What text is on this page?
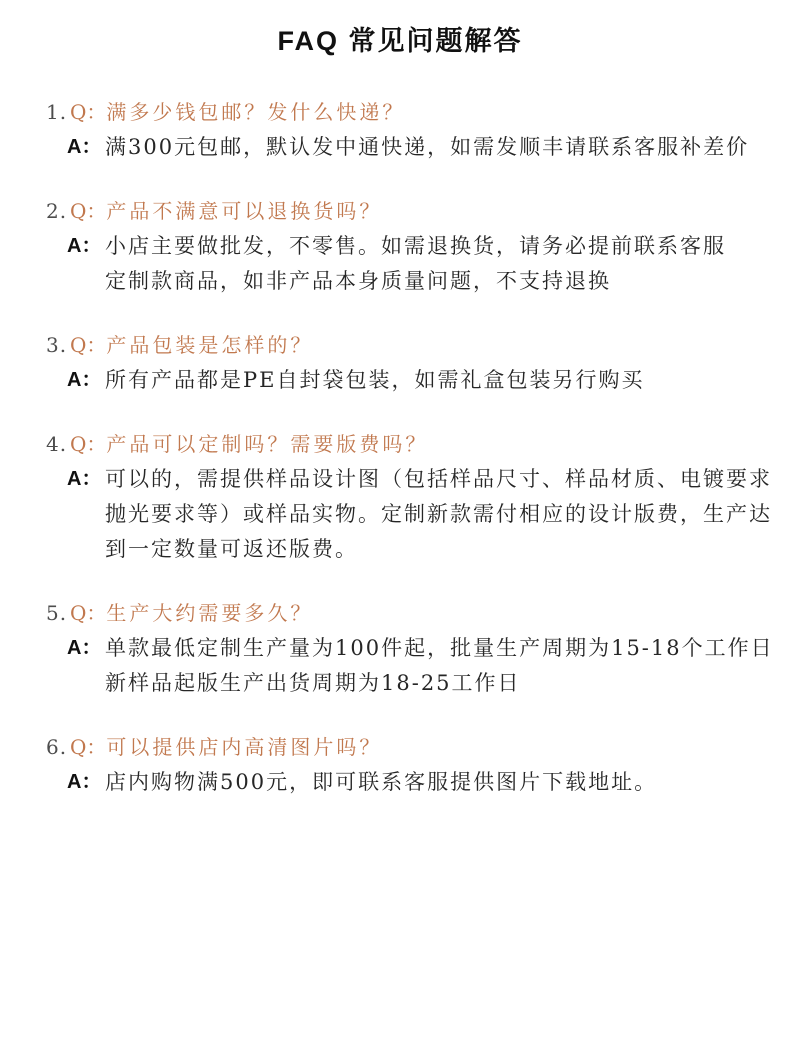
FAQ 常见问题解答
1. Q：满多少钱包邮？发什么快递？
A： 满300元包邮，默认发中通快递，如需发顺丰请联系客服补差价
2. Q：产品不满意可以退换货吗？
A： 小店主要做批发，不零售。如需退换货，请务必提前联系客服
定制款商品，如非产品本身质量问题，不支持退换
3. Q：产品包装是怎样的？
A： 所有产品都是PE自封袋包装，如需礼盒包装另行购买
4. Q：产品可以定制吗？需要版费吗？
A： 可以的，需提供样品设计图（包括样品尺寸、样品材质、电镀要求
抛光要求等）或样品实物。定制新款需付相应的设计版费，生产达
到一定数量可返还版费。
5. Q：生产大约需要多久？
A： 单款最低定制生产量为100件起，批量生产周期为15-18个工作日
新样品起版生产出货周期为18-25工作日
6. Q：可以提供店内高清图片吗？
A： 店内购物满500元，即可联系客服提供图片下载地址。
